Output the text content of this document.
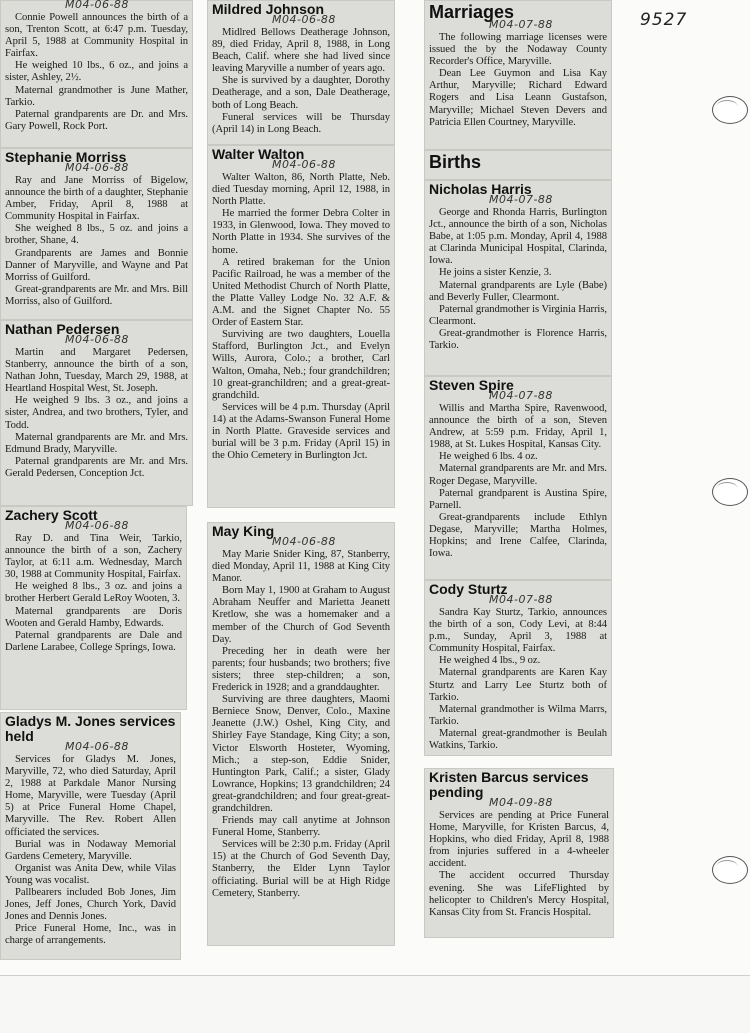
9527
M04-06-88

Connie Powell announces the birth of a son, Trenton Scott, at 6:47 p.m. Tuesday, April 5, 1988 at Community Hospital in Fairfax.

He weighed 10 lbs., 6 oz., and joins a sister, Ashley, 2½.

Maternal grandmother is June Mather, Tarkio.

Paternal grandparents are Dr. and Mrs. Gary Powell, Rock Port.

Stephanie Morriss
M04-06-88

Ray and Jane Morriss of Bigelow, announce the birth of a daughter, Stephanie Amber, Friday, April 8, 1988 at Community Hospital in Fairfax.

She weighed 8 lbs., 5 oz. and joins a brother, Shane, 4.

Grandparents are James and Bonnie Danner of Maryville, and Wayne and Pat Morriss of Guilford.

Great-grandparents are Mr. and Mrs. Bill Morriss, also of Guilford.

Nathan Pedersen
M04-06-88

Martin and Margaret Pedersen, Stanberry, announce the birth of a son, Nathan John, Tuesday, March 29, 1988, at Heartland Hospital West, St. Joseph.

He weighed 9 lbs. 3 oz., and joins a sister, Andrea, and two brothers, Tyler, and Todd.

Maternal grandparents are Mr. and Mrs. Edmund Brady, Maryville.

Paternal grandparents are Mr. and Mrs. Gerald Pedersen, Conception Jct.

Zachery Scott
M04-06-88

Ray D. and Tina Weir, Tarkio, announce the birth of a son, Zachery Taylor, at 6:11 a.m. Wednesday, March 30, 1988 at Community Hospital, Fairfax.

He weighed 8 lbs., 3 oz. and joins a brother Herbert Gerald LeRoy Wooten, 3.

Maternal grandparents are Doris Wooten and Gerald Hamby, Edwards.

Paternal grandparents are Dale and Darlene Larabee, College Springs, Iowa.

Gladys M. Jones services held
M04-06-88

Services for Gladys M. Jones, Maryville, 72, who died Saturday, April 2, 1988 at Parkdale Manor Nursing Home, Maryville, were Tuesday (April 5) at Price Funeral Home Chapel, Maryville. The Rev. Robert Allen officiated the services.

Burial was in Nodaway Memorial Gardens Cemetery, Maryville.

Organist was Anita Dew, while Vilas Young was vocalist.

Pallbearers included Bob Jones, Jim Jones, Jeff Jones, Church York, David Jones and Dennis Jones.

Price Funeral Home, Inc., was in charge of arrangements.

Mildred Johnson
M04-06-88

Midlred Bellows Deatherage Johnson, 89, died Friday, April 8, 1988, in Long Beach, Calif. where she had lived since leaving Maryville a number of years ago.

She is survived by a daughter, Dorothy Deatherage, and a son, Dale Deatherage, both of Long Beach.

Funeral services will be Thursday (April 14) in Long Beach.

Walter Walton
M04-06-88

Walter Walton, 86, North Platte, Neb. died Tuesday morning, April 12, 1988, in North Platte.

He married the former Debra Colter in 1933, in Glenwood, Iowa. They moved to North Platte in 1934. She survives of the home.

A retired brakeman for the Union Pacific Railroad, he was a member of the United Methodist Church of North Platte, the Platte Valley Lodge No. 32 A.F. & A.M. and the Signet Chapter No. 55 Order of Eastern Star.

Surviving are two daughters, Louella Stafford, Burlington Jct., and Evelyn Wills, Aurora, Colo.; a brother, Carl Walton, Omaha, Neb.; four grandchildren; 10 great-granchildren; and a great-great-grandchild.

Services will be 4 p.m. Thursday (April 14) at the Adams-Swanson Funeral Home in North Platte. Graveside services and burial will be 3 p.m. Friday (April 15) in the Ohio Cemetery in Burlington Jct.

May King
M04-06-88

May Marie Snider King, 87, Stanberry, died Monday, April 11, 1988 at King City Manor.

Born May 1, 1900 at Graham to August Abraham Neuffer and Marietta Jeanett Kretlow, she was a homemaker and a member of the Church of God Seventh Day.

Preceding her in death were her parents; four husbands; two brothers; five sisters; three step-children; a son, Frederick in 1928; and a granddaughter.

Surviving are three daughters, Maomi Berniece Snow, Denver, Colo., Maxine Jeanette (J.W.) Oshel, King City, and Shirley Faye Standage, King City; a son, Victor Elsworth Hosteter, Wyoming, Mich.; a step-son, Eddie Snider, Huntington Park, Calif.; a sister, Glady Lowrance, Hopkins; 13 grandchildren; 24 great-grandchildren; and four great-great-grandchildren.

Friends may call anytime at Johnson Funeral Home, Stanberry.

Services will be 2:30 p.m. Friday (April 15) at the Church of God Seventh Day, Stanberry, the Elder Lynn Taylor officiating. Burial will be at High Ridge Cemetery, Stanberry.

Marriages
M04-07-88

The following marriage licenses were issued the by the Nodaway County Recorder's Office, Maryville.

Dean Lee Guymon and Lisa Kay Arthur, Maryville; Richard Edward Rogers and Lisa Leann Gustafson, Maryville; Michael Steven Devers and Patricia Ellen Courtney, Maryville.

Births
Nicholas Harris
M04-07-88

George and Rhonda Harris, Burlington Jct., announce the birth of a son, Nicholas Babe, at 1:05 p.m. Monday, April 4, 1988 at Clarinda Municipal Hospital, Clarinda, Iowa.

He joins a sister Kenzie, 3.

Maternal grandparents are Lyle (Babe) and Beverly Fuller, Clearmont.

Paternal grandmother is Virginia Harris, Clearmont.

Great-grandmother is Florence Harris, Tarkio.

Steven Spire
M04-07-88

Willis and Martha Spire, Ravenwood, announce the birth of a son, Steven Andrew, at 5:59 p.m. Friday, April 1, 1988, at St. Lukes Hospital, Kansas City.

He weighed 6 lbs. 4 oz.

Maternal grandparents are Mr. and Mrs. Roger Degase, Maryville.

Paternal grandparent is Austina Spire, Parnell.

Great-grandparents include Ethlyn Degase, Maryville; Martha Holmes, Hopkins; and Irene Calfee, Clarinda, Iowa.

Cody Sturtz
M04-07-88

Sandra Kay Sturtz, Tarkio, announces the birth of a son, Cody Levi, at 8:44 p.m., Sunday, April 3, 1988 at Community Hospital, Fairfax.

He weighed 4 lbs., 9 oz.

Maternal grandparents are Karen Kay Sturtz and Larry Lee Sturtz both of Tarkio.

Maternal grandmother is Wilma Marrs, Tarkio.

Maternal great-grandmother is Beulah Watkins, Tarkio.

Kristen Barcus services pending
M04-09-88

Services are pending at Price Funeral Home, Maryville, for Kristen Barcus, 4, Hopkins, who died Friday, April 8, 1988 from injuries suffered in a 4-wheeler accident.

The accident occurred Thursday evening. She was LifeFlighted by helicopter to Children's Mercy Hospital, Kansas City from St. Francis Hospital.
